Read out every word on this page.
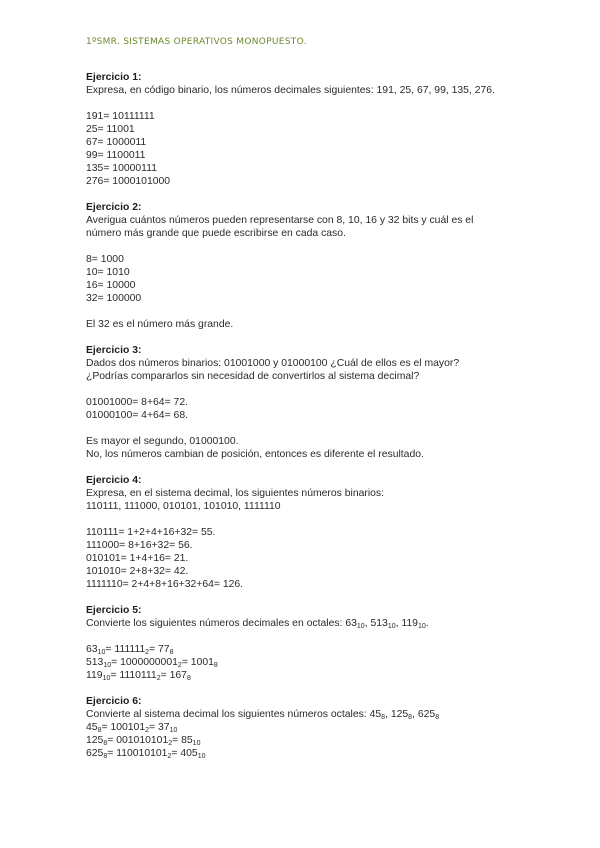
1ºSMR. SISTEMAS OPERATIVOS MONOPUESTO.

Ejercicio 1:

Expresa, en código binario, los números decimales siguientes: 191, 25, 67, 99, 135, 276.

191= 10111111

25= 11001

67= 1000011

99= 1100011

135= 10000111

276= 1000101000

Ejercicio 2:

Averigua cuántos números pueden representarse con 8, 10, 16 y 32 bits y cuál es el

número más grande que puede escribirse en cada caso.

8= 1000

10= 1010

16= 10000

32= 100000

El 32 es el número más grande.

Ejercicio 3:

Dados dos números binarios: 01001000 y 01000100 ¿Cuál de ellos es el mayor?

¿Podrías compararlos sin necesidad de convertirlos al sistema decimal?

01001000= 8+64= 72.

01000100= 4+64= 68.

Es mayor el segundo, 01000100.

No, los números cambian de posición, entonces es diferente el resultado.

Ejercicio 4:

Expresa, en el sistema decimal, los siguientes números binarios:

110111, 111000, 010101, 101010, 1111110

110111= 1+2+4+16+32= 55.

111000= 8+16+32= 56.

010101= 1+4+16= 21.

101010= 2+8+32= 42.

1111110= 2+4+8+16+32+64= 126.

Ejercicio 5:

Convierte los siguientes números decimales en octales: $63_{10}$, $513_{10}$, $119_{10}$.

$63_{10}= 111111_2= 77_8$

$513_{10}= 1000000001_2= 1001_8$

$119_{10}= 1110111_2= 167_8$

Ejercicio 6:

Convierte al sistema decimal los siguientes números octales: $45_8$, $125_8$, $625_8$

$45_8= 100101_2= 37_{10}$

$125_8= 001010101_2= 85_{10}$

$625_8= 110010101_2= 405_{10}$
